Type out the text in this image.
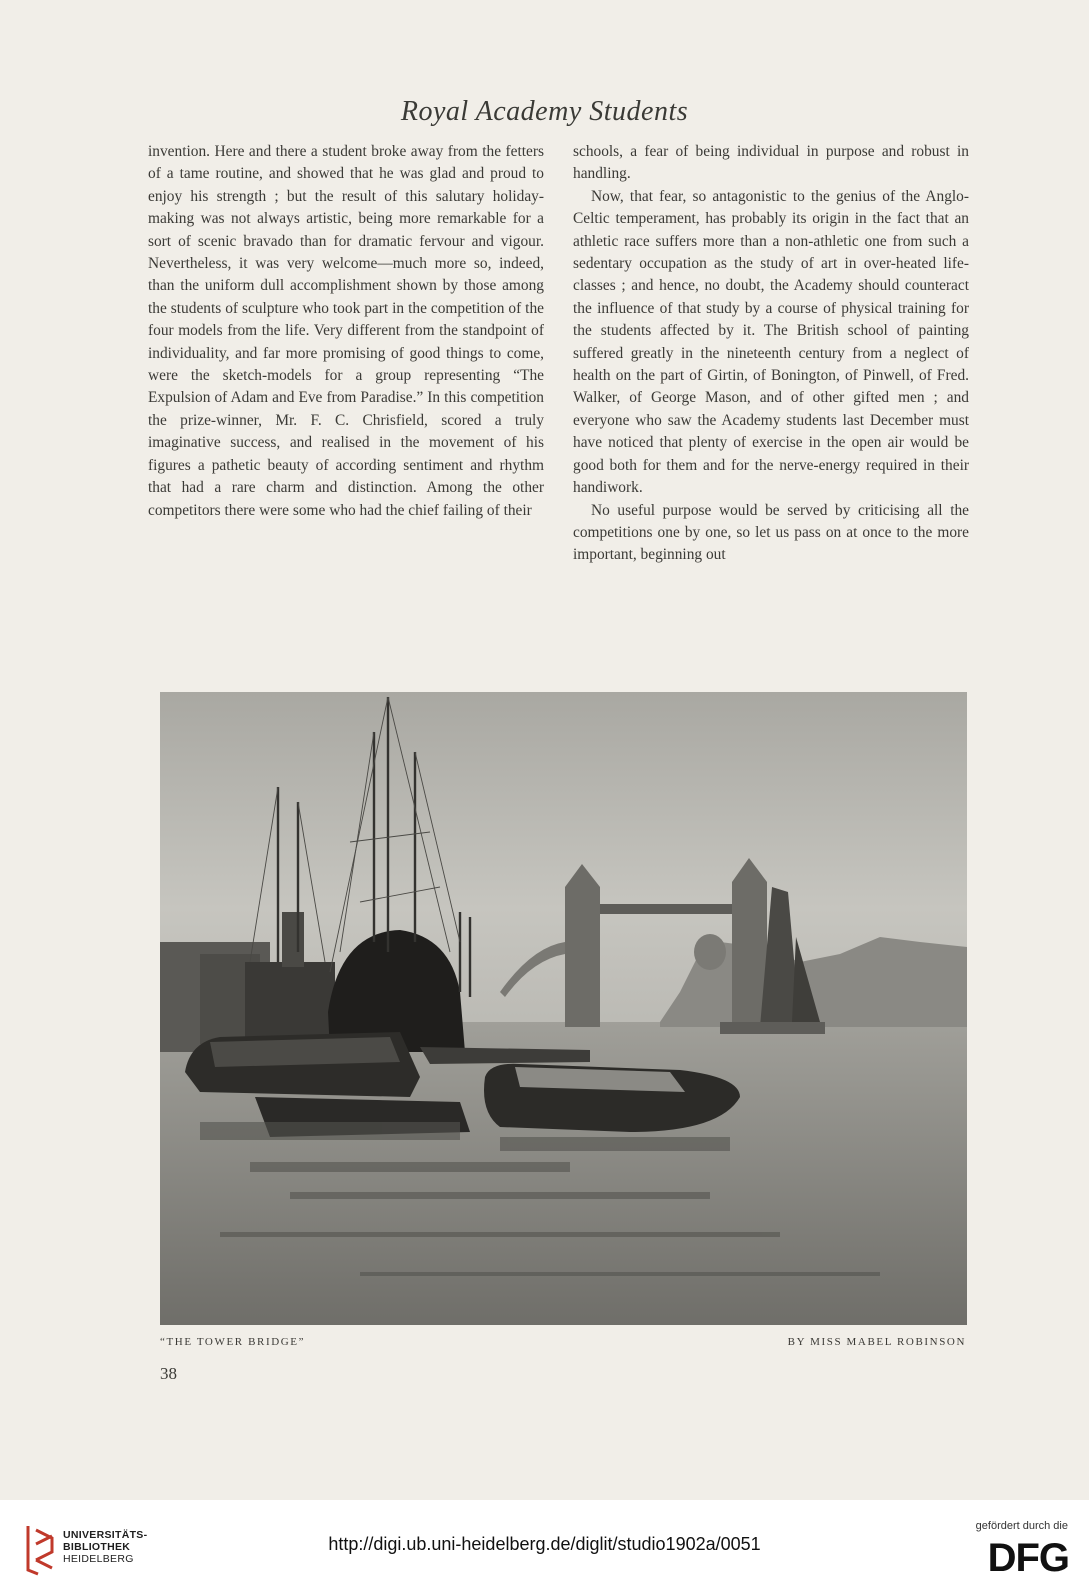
Royal Academy Students

invention. Here and there a student broke away from the fetters of a tame routine, and showed that he was glad and proud to enjoy his strength ; but the result of this salutary holiday-making was not always artistic, being more remarkable for a sort of scenic bravado than for dramatic fervour and vigour. Nevertheless, it was very welcome—much more so, indeed, than the uniform dull accomplishment shown by those among the students of sculpture who took part in the competition of the four models from the life. Very different from the standpoint of individuality, and far more promising of good things to come, were the sketch-models for a group representing “The Expulsion of Adam and Eve from Paradise.” In this competition the prize-winner, Mr. F. C. Chrisfield, scored a truly imaginative success, and realised in the movement of his figures a pathetic beauty of according sentiment and rhythm that had a rare charm and distinction. Among the other competitors there were some who had the chief failing of their

schools, a fear of being individual in purpose and robust in handling.

Now, that fear, so antagonistic to the genius of the Anglo-Celtic temperament, has probably its origin in the fact that an athletic race suffers more than a non-athletic one from such a sedentary occupation as the study of art in over-heated life-classes ; and hence, no doubt, the Academy should counteract the influence of that study by a course of physical training for the students affected by it. The British school of painting suffered greatly in the nineteenth century from a neglect of health on the part of Girtin, of Bonington, of Pinwell, of Fred. Walker, of George Mason, and of other gifted men ; and everyone who saw the Academy students last December must have noticed that plenty of exercise in the open air would be good both for them and for the nerve-energy required in their handiwork.

No useful purpose would be served by criticising all the competitions one by one, so let us pass on at once to the more important, beginning out

“THE TOWER BRIDGE”	BY MISS MABEL ROBINSON
38
UNIVERSITÄTS-
BIBLIOTHEK
HEIDELBERG
http://digi.ub.uni-heidelberg.de/diglit/studio1902a/0051
gefördert durch die
DFG
